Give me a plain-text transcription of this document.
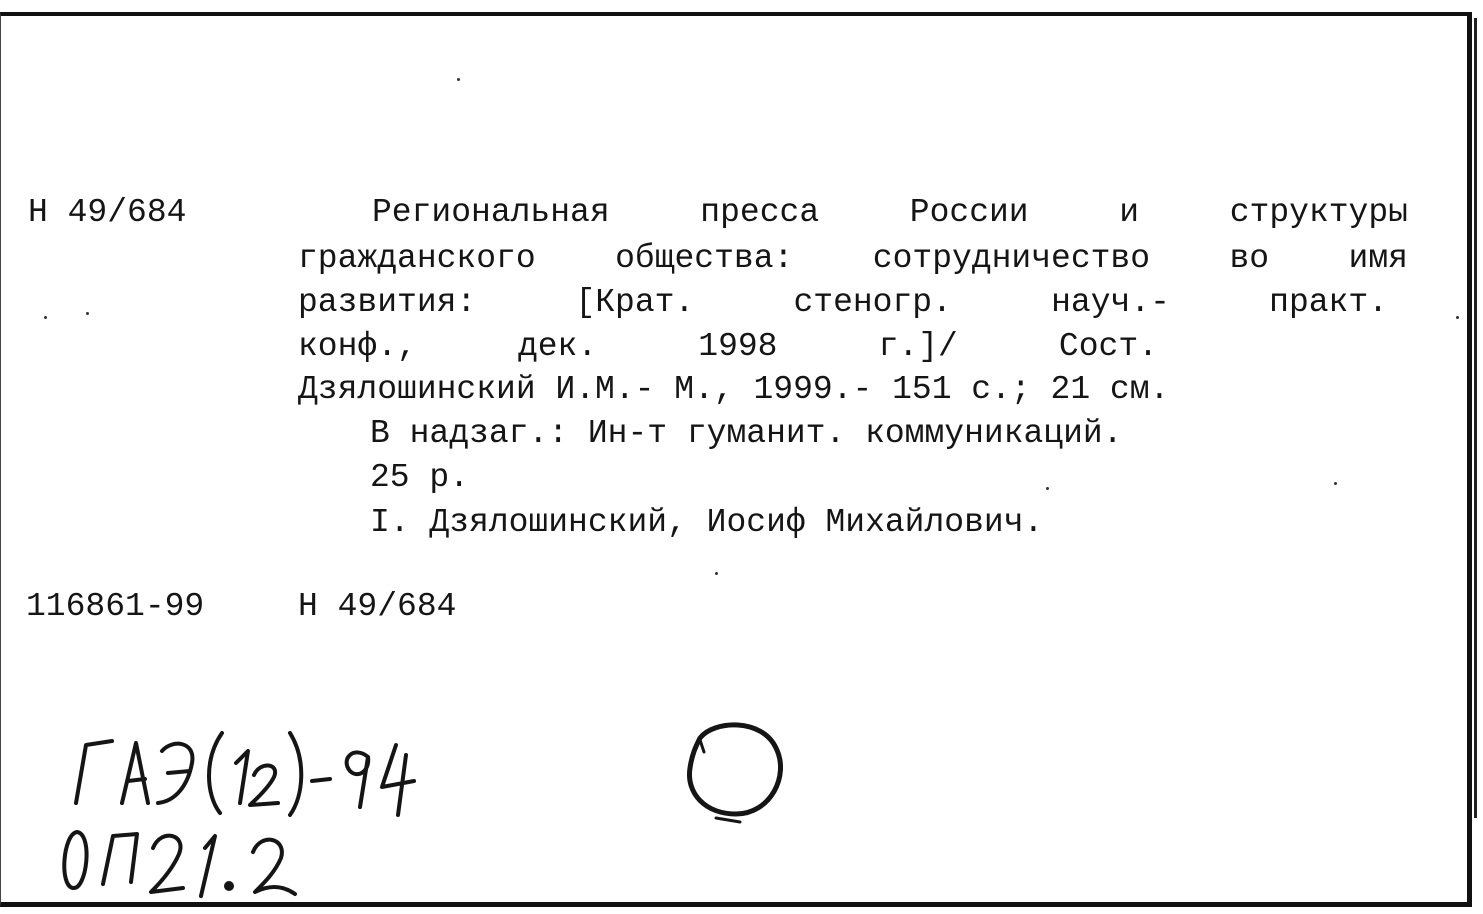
Н 49/684	Региональная	пресса	России	и	структуры
гражданского общества: сотрудничество во имя
развития:	[Крат.	стеногр.	науч.-	практ.
конф.,	дек.	1998	г.]/	Сост.
Дзялошинский И.М.- М., 1999.- 151 с.; 21 см.
В надзаг.: Ин-т гуманит. коммуникаций.
25 р.
I. Дзялошинский, Иосиф Михайлович.
116861-99	Н 49/684
